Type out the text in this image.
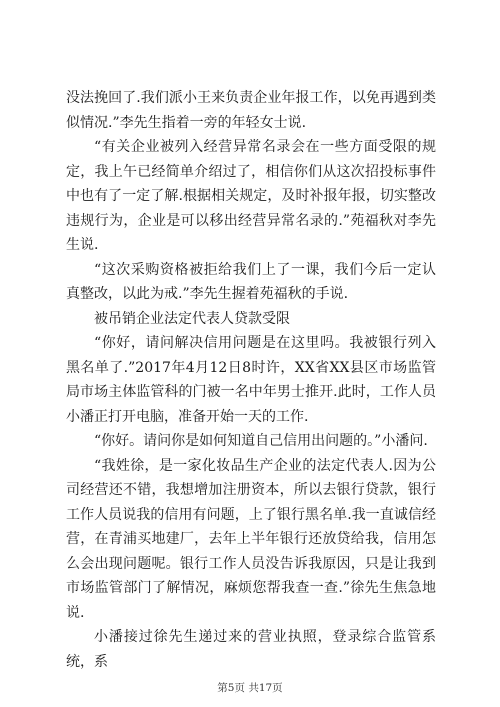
没法挽回了.我们派小王来负责企业年报工作，以免再遇到类似情况.”李先生指着一旁的年轻女士说.

“有关企业被列入经营异常名录会在一些方面受限的规定，我上午已经简单介绍过了，相信你们从这次招投标事件中也有了一定了解.根据相关规定，及时补报年报，切实整改违规行为，企业是可以移出经营异常名录的.”苑福秋对李先生说.

“这次采购资格被拒给我们上了一课，我们今后一定认真整改，以此为戒.”李先生握着苑福秋的手说.

被吊销企业法定代表人贷款受限

“你好，请问解决信用问题是在这里吗。我被银行列入黑名单了.”2017年4月12日8时许，XX省XX县区市场监管局市场主体监管科的门被一名中年男士推开.此时，工作人员小潘正打开电脑，准备开始一天的工作.

“你好。请问你是如何知道自己信用出问题的。”小潘问.

“我姓徐，是一家化妆品生产企业的法定代表人.因为公司经营还不错，我想增加注册资本，所以去银行贷款，银行工作人员说我的信用有问题，上了银行黑名单.我一直诚信经营，在青浦买地建厂，去年上半年银行还放贷给我，信用怎么会出现问题呢。银行工作人员没告诉我原因，只是让我到市场监管部门了解情况，麻烦您帮我查一查.”徐先生焦急地说.

小潘接过徐先生递过来的营业执照，登录综合监管系统，系

第5页 共17页
